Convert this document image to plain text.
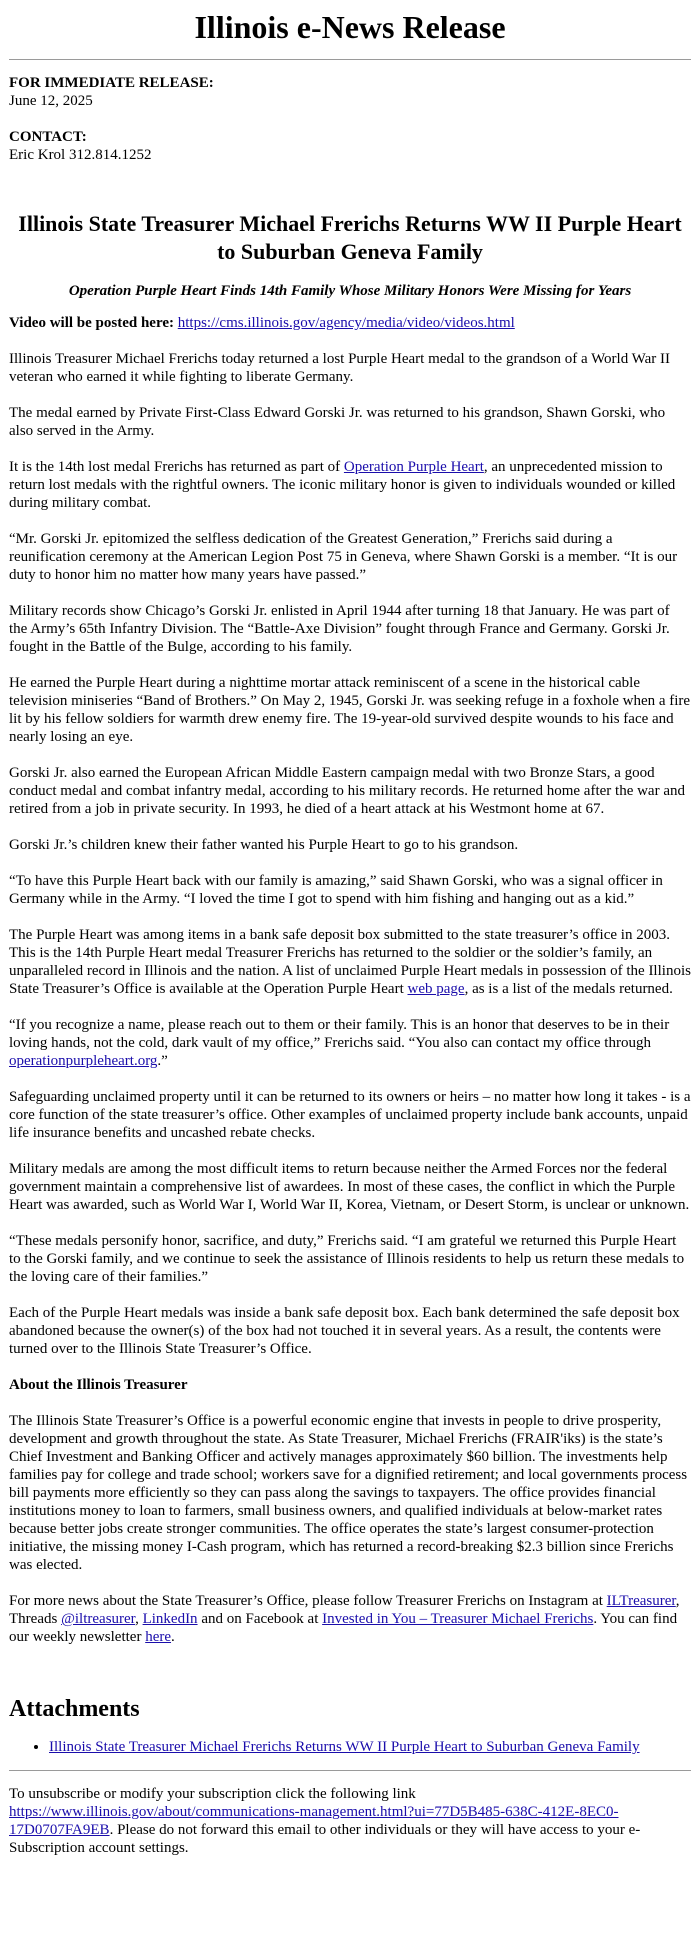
Illinois e-News Release

FOR IMMEDIATE RELEASE:

June 12, 2025

CONTACT:

Eric Krol 312.814.1252

Illinois State Treasurer Michael Frerichs Returns WW II Purple Heart to Suburban Geneva Family

Operation Purple Heart Finds 14th Family Whose Military Honors Were Missing for Years

Video will be posted here: https://cms.illinois.gov/agency/media/video/videos.html

Illinois Treasurer Michael Frerichs today returned a lost Purple Heart medal to the grandson of a World War II veteran who earned it while fighting to liberate Germany.

The medal earned by Private First-Class Edward Gorski Jr. was returned to his grandson, Shawn Gorski, who also served in the Army.

It is the 14th lost medal Frerichs has returned as part of Operation Purple Heart, an unprecedented mission to return lost medals with the rightful owners. The iconic military honor is given to individuals wounded or killed during military combat.

“Mr. Gorski Jr. epitomized the selfless dedication of the Greatest Generation,” Frerichs said during a reunification ceremony at the American Legion Post 75 in Geneva, where Shawn Gorski is a member. “It is our duty to honor him no matter how many years have passed.”

Military records show Chicago’s Gorski Jr. enlisted in April 1944 after turning 18 that January. He was part of the Army’s 65th Infantry Division. The “Battle-Axe Division” fought through France and Germany. Gorski Jr. fought in the Battle of the Bulge, according to his family.

He earned the Purple Heart during a nighttime mortar attack reminiscent of a scene in the historical cable television miniseries “Band of Brothers.” On May 2, 1945, Gorski Jr. was seeking refuge in a foxhole when a fire lit by his fellow soldiers for warmth drew enemy fire. The 19-year-old survived despite wounds to his face and nearly losing an eye.

Gorski Jr. also earned the European African Middle Eastern campaign medal with two Bronze Stars, a good conduct medal and combat infantry medal, according to his military records. He returned home after the war and retired from a job in private security. In 1993, he died of a heart attack at his Westmont home at 67.

Gorski Jr.’s children knew their father wanted his Purple Heart to go to his grandson.

“To have this Purple Heart back with our family is amazing,” said Shawn Gorski, who was a signal officer in Germany while in the Army. “I loved the time I got to spend with him fishing and hanging out as a kid.”

The Purple Heart was among items in a bank safe deposit box submitted to the state treasurer’s office in 2003. This is the 14th Purple Heart medal Treasurer Frerichs has returned to the soldier or the soldier’s family, an unparalleled record in Illinois and the nation. A list of unclaimed Purple Heart medals in possession of the Illinois State Treasurer’s Office is available at the Operation Purple Heart web page, as is a list of the medals returned.

“If you recognize a name, please reach out to them or their family. This is an honor that deserves to be in their loving hands, not the cold, dark vault of my office,” Frerichs said. “You also can contact my office through operationpurpleheart.org.”

Safeguarding unclaimed property until it can be returned to its owners or heirs – no matter how long it takes - is a core function of the state treasurer’s office. Other examples of unclaimed property include bank accounts, unpaid life insurance benefits and uncashed rebate checks.

Military medals are among the most difficult items to return because neither the Armed Forces nor the federal government maintain a comprehensive list of awardees. In most of these cases, the conflict in which the Purple Heart was awarded, such as World War I, World War II, Korea, Vietnam, or Desert Storm, is unclear or unknown.

“These medals personify honor, sacrifice, and duty,” Frerichs said. “I am grateful we returned this Purple Heart to the Gorski family, and we continue to seek the assistance of Illinois residents to help us return these medals to the loving care of their families.”

Each of the Purple Heart medals was inside a bank safe deposit box. Each bank determined the safe deposit box abandoned because the owner(s) of the box had not touched it in several years. As a result, the contents were turned over to the Illinois State Treasurer’s Office.

About the Illinois Treasurer

The Illinois State Treasurer’s Office is a powerful economic engine that invests in people to drive prosperity, development and growth throughout the state. As State Treasurer, Michael Frerichs (FRAIR'iks) is the state’s Chief Investment and Banking Officer and actively manages approximately $60 billion. The investments help families pay for college and trade school; workers save for a dignified retirement; and local governments process bill payments more efficiently so they can pass along the savings to taxpayers. The office provides financial institutions money to loan to farmers, small business owners, and qualified individuals at below-market rates because better jobs create stronger communities. The office operates the state’s largest consumer-protection initiative, the missing money I-Cash program, which has returned a record-breaking $2.3 billion since Frerichs was elected.

For more news about the State Treasurer’s Office, please follow Treasurer Frerichs on Instagram at ILTreasurer, Threads @iltreasurer, LinkedIn and on Facebook at Invested in You – Treasurer Michael Frerichs. You can find our weekly newsletter here.

Attachments
• Illinois State Treasurer Michael Frerichs Returns WW II Purple Heart to Suburban Geneva Family

To unsubscribe or modify your subscription click the following link https://www.illinois.gov/about/communications-management.html?ui=77D5B485-638C-412E-8EC0-17D0707FA9EB. Please do not forward this email to other individuals or they will have access to your e-Subscription account settings.
